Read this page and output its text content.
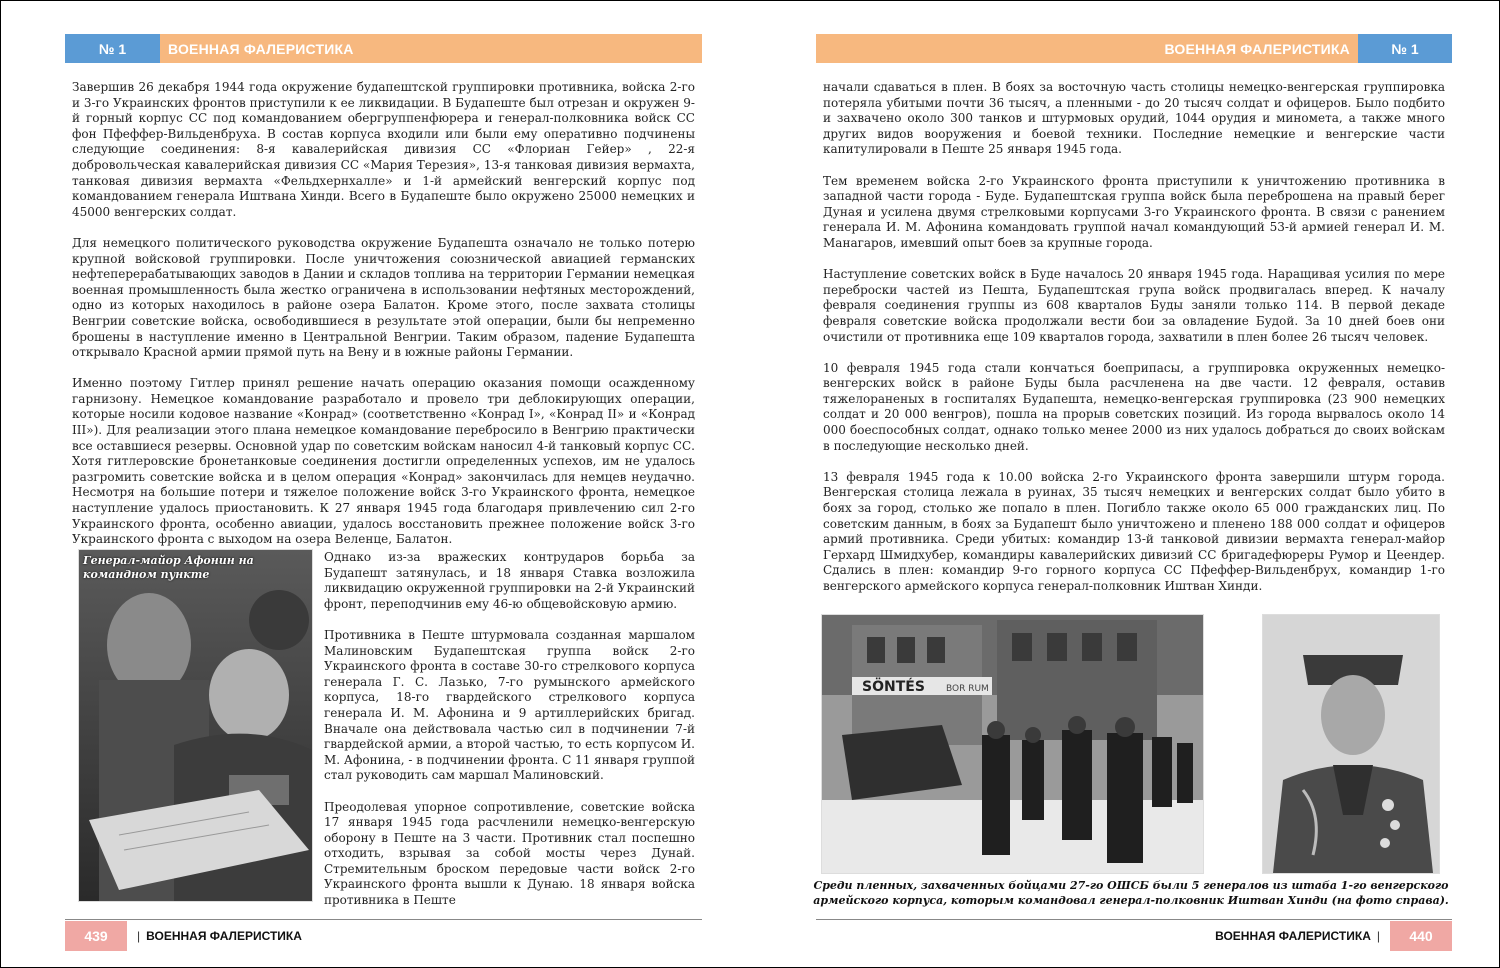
№ 1	ВОЕННАЯ ФАЛЕРИСТИКА

Завершив 26 декабря 1944 года окружение будапештской группировки противника, войска 2-го и 3-го Украинских фронтов приступили к ее ликвидации. В Будапеште был отрезан и окружен 9-й горный корпус СС под командованием обергруппенфюрера и генерал-полковника войск СС фон Пфеффер-Вильденбруха. В состав корпуса входили или были ему оперативно подчинены следующие соединения: 8-я кавалерийская дивизия СС «Флориан Гейер» , 22-я добровольческая кавалерийская дивизия СС «Мария Терезия», 13-я танковая дивизия вермахта, танковая дивизия вермахта «Фельдхернхалле» и 1-й армейский венгерский корпус под командованием генерала Иштвана Хинди. Всего в Будапеште было окружено 25000 немецких и 45000 венгерских солдат.

Для немецкого политического руководства окружение Будапешта означало не только потерю крупной войсковой группировки. После уничтожения союзнической авиацией германских нефтеперерабатывающих заводов в Дании и складов топлива на территории Германии немецкая военная промышленность была жестко ограничена в использовании нефтяных месторождений, одно из которых находилось в районе озера Балатон. Кроме этого, после захвата столицы Венгрии советские войска, освободившиеся в результате этой операции, были бы непременно брошены в наступление именно в Центральной Венгрии. Таким образом, падение Будапешта открывало Красной армии прямой путь на Вену и в южные районы Германии.

Именно поэтому Гитлер принял решение начать операцию оказания помощи осажденному гарнизону. Немецкое командование разработало и провело три деблокирующих операции, которые носили кодовое название «Конрад» (соответственно «Конрад I», «Конрад II» и «Конрад III»). Для реализации этого плана немецкое командование перебросило в Венгрию практически все оставшиеся резервы. Основной удар по советским войскам наносил 4-й танковый корпус СС. Хотя гитлеровские бронетанковые соединения достигли определенных успехов, им не удалось разгромить советские войска и в целом операция «Конрад» закончилась для немцев неудачно. Несмотря на большие потери и тяжелое положение войск 3-го Украинского фронта, немецкое наступление удалось приостановить. К 27 января 1945 года благодаря привлечению сил 2-го Украинского фронта, особенно авиации, удалось восстановить прежнее положение войск 3-го Украинского фронта с выходом на озера Веленце, Балатон.

Генерал-майор Афонин на командном пункте

Однако из-за вражеских контрударов борьба за Будапешт затянулась, и 18 января Ставка возложила ликвидацию окруженной группировки на 2-й Украинский фронт, переподчинив ему 46-ю общевойсковую армию.

Противника в Пеште штурмовала созданная маршалом Малиновским Будапештская группа войск 2-го Украинского фронта в составе 30-го стрелкового корпуса генерала Г. С. Лазько, 7-го румынского армейского корпуса, 18-го гвардейского стрелкового корпуса генерала И. М. Афонина и 9 артиллерийских бригад. Вначале она действовала частью сил в подчинении 7-й гвардейской армии, а второй частью, то есть корпусом И. М. Афонина, - в подчинении фронта. С 11 января группой стал руководить сам маршал Малиновский.

Преодолевая упорное сопротивление, советские войска 17 января 1945 года расчленили немецко-венгерскую оборону в Пеште на 3 части. Противник стал поспешно отходить, взрывая за собой мосты через Дунай. Стремительным броском передовые части войск 2-го Украинского фронта вышли к Дунаю. 18 января войска противника в Пеште

439	| ВОЕННАЯ ФАЛЕРИСТИКА
ВОЕННАЯ ФАЛЕРИСТИКА	№ 1

начали сдаваться в плен. В боях за восточную часть столицы немецко-венгерская группировка потеряла убитыми почти 36 тысяч, а пленными - до 20 тысяч солдат и офицеров. Было подбито и захвачено около 300 танков и штурмовых орудий, 1044 орудия и миномета, а также много других видов вооружения и боевой техники. Последние немецкие и венгерские части капитулировали в Пеште 25 января 1945 года.

Тем временем войска 2-го Украинского фронта приступили к уничтожению противника в западной части города - Буде. Будапештская группа войск была переброшена на правый берег Дуная и усилена двумя стрелковыми корпусами 3-го Украинского фронта. В связи с ранением генерала И. М. Афонина командовать группой начал командующий 53-й армией генерал И. М. Манагаров, имевший опыт боев за крупные города.

Наступление советских войск в Буде началось 20 января 1945 года. Наращивая усилия по мере переброски частей из Пешта, Будапештская група войск продвигалась вперед. К началу февраля соединения группы из 608 кварталов Буды заняли только 114. В первой декаде февраля советские войска продолжали вести бои за овладение Будой. За 10 дней боев они очистили от противника еще 109 кварталов города, захватили в плен более 26 тысяч человек.

10 февраля 1945 года стали кончаться боеприпасы, а группировка окруженных немецко-венгерских войск в районе Буды была расчленена на две части. 12 февраля, оставив тяжелораненых в госпиталях Будапешта, немецко-венгерская группировка (23 900 немецких солдат и 20 000 венгров), пошла на прорыв советских позиций. Из города вырвалось около 14 000 боеспособных солдат, однако только менее 2000 из них удалось добраться до своих войскам в последующие несколько дней.

13 февраля 1945 года к 10.00 войска 2-го Украинского фронта завершили штурм города. Венгерская столица лежала в руинах, 35 тысяч немецких и венгерских солдат было убито в боях за город, столько же попало в плен. Погибло также около 65 000 гражданских лиц. По советским данным, в боях за Будапешт было уничтожено и пленено 188 000 солдат и офицеров армий противника. Среди убитых: командир 13-й танковой дивизии вермахта генерал-майор Герхард Шмидхубер, командиры кавалерийских дивизий СС бригадефюреры Румор и Цеендер. Сдались в плен: командир 9-го горного корпуса СС Пфеффер-Вильденбрух, командир 1-го венгерского армейского корпуса генерал-полковник Иштван Хинди.

SÖNTÉS BOR RUM
Среди пленных, захваченных бойцами 27-го ОШСБ были 5 генералов из штаба 1-го венгерского армейского корпуса, которым командовал генерал-полковник Иштван Хинди (на фото справа).
ВОЕННАЯ ФАЛЕРИСТИКА |	440
